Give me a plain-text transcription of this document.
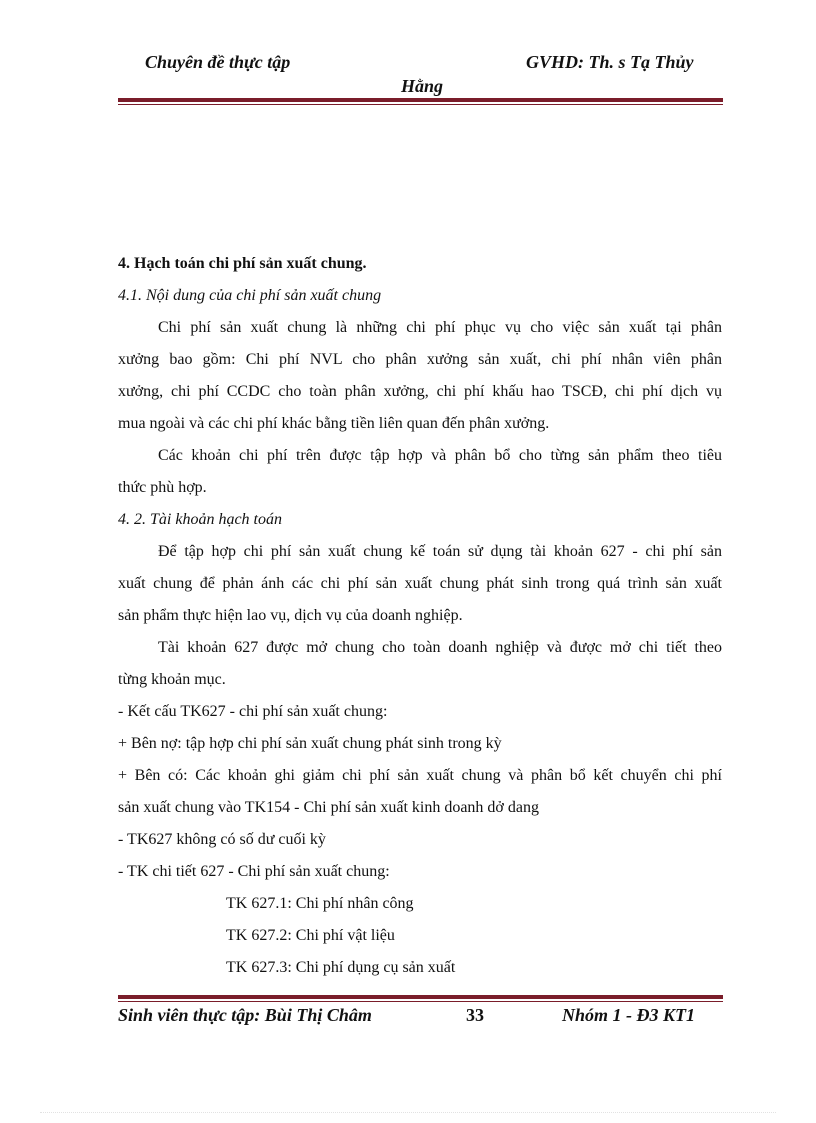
Chuyên đề thực tập	GVHD: Th. s Tạ Thủy
Hằng

4. Hạch toán chi phí sản xuất chung.

4.1. Nội dung của chi phí sản xuất chung

Chi phí sản xuất chung là những chi phí phục vụ cho việc sản xuất tại phân

xưởng bao gồm: Chi phí NVL cho phân xưởng sản xuất, chi phí nhân viên phân

xưởng, chi phí CCDC cho toàn phân xưởng, chi phí khấu hao TSCĐ, chi phí dịch vụ

mua ngoài và các chi phí khác bằng tiền liên quan đến phân xưởng.

Các khoản chi phí trên được tập hợp và phân bổ cho từng sản phẩm theo tiêu

thức phù hợp.

4. 2. Tài khoản hạch toán

Để tập hợp chi phí sản xuất chung kế toán sử dụng tài khoản 627 - chi phí sản

xuất chung để phản ánh các chi phí sản xuất chung phát sinh trong quá trình sản xuất

sản phẩm thực hiện lao vụ, dịch vụ của doanh nghiệp.

Tài khoản 627 được mở chung cho toàn doanh nghiệp và được mở chi tiết theo

từng khoản mục.

- Kết cấu TK627 - chi phí sản xuất chung:

+ Bên nợ: tập hợp chi phí sản xuất chung phát sinh trong kỳ

+ Bên có: Các khoản ghi giảm chi phí sản xuất chung và phân bổ kết chuyển chi phí

sản xuất chung vào TK154 - Chi phí sản xuất kinh doanh dở dang

- TK627 không có số dư cuối kỳ

- TK chi tiết 627 - Chi phí sản xuất chung:

TK 627.1: Chi phí nhân công

TK 627.2: Chi phí vật liệu

TK 627.3: Chi phí dụng cụ sản xuất

Sinh viên thực tập: Bùi Thị Châm	33	Nhóm 1 - Đ3 KT1
